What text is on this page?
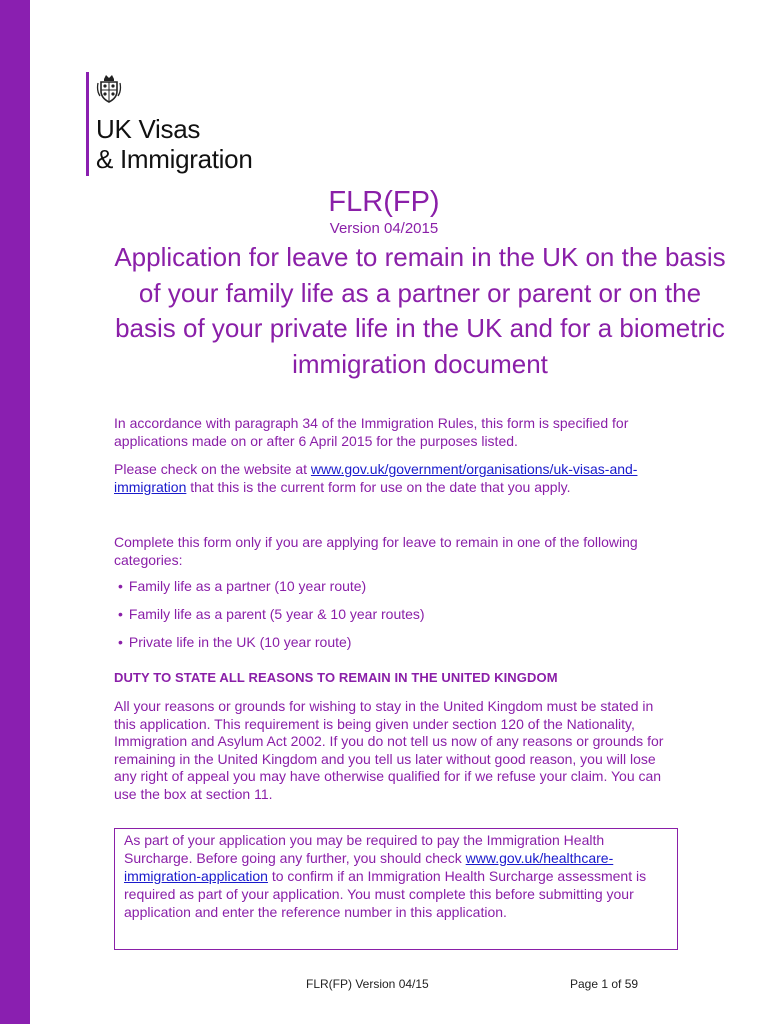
UK Visas
& Immigration
FLR(FP)
Version 04/2015
Application for leave to remain in the UK on the basis of your family life as a partner or parent or on the basis of your private life in the UK and for a biometric immigration document

In accordance with paragraph 34 of the Immigration Rules, this form is specified for applications made on or after 6 April 2015 for the purposes listed.

Please check on the website at www.gov.uk/government/organisations/uk-visas-and-immigration that this is the current form for use on the date that you apply.

Complete this form only if you are applying for leave to remain in one of the following categories:

• Family life as a partner (10 year route)
• Family life as a parent (5 year & 10 year routes)
• Private life in the UK (10 year route)
DUTY TO STATE ALL REASONS TO REMAIN IN THE UNITED KINGDOM

All your reasons or grounds for wishing to stay in the United Kingdom must be stated in this application. This requirement is being given under section 120 of the Nationality, Immigration and Asylum Act 2002. If you do not tell us now of any reasons or grounds for remaining in the United Kingdom and you tell us later without good reason, you will lose any right of appeal you may have otherwise qualified for if we refuse your claim. You can use the box at section 11.

As part of your application you may be required to pay the Immigration Health Surcharge. Before going any further, you should check www.gov.uk/healthcare-immigration-application to confirm if an Immigration Health Surcharge assessment is required as part of your application. You must complete this before submitting your application and enter the reference number in this application.

FLR(FP) Version 04/15	Page 1 of 59
